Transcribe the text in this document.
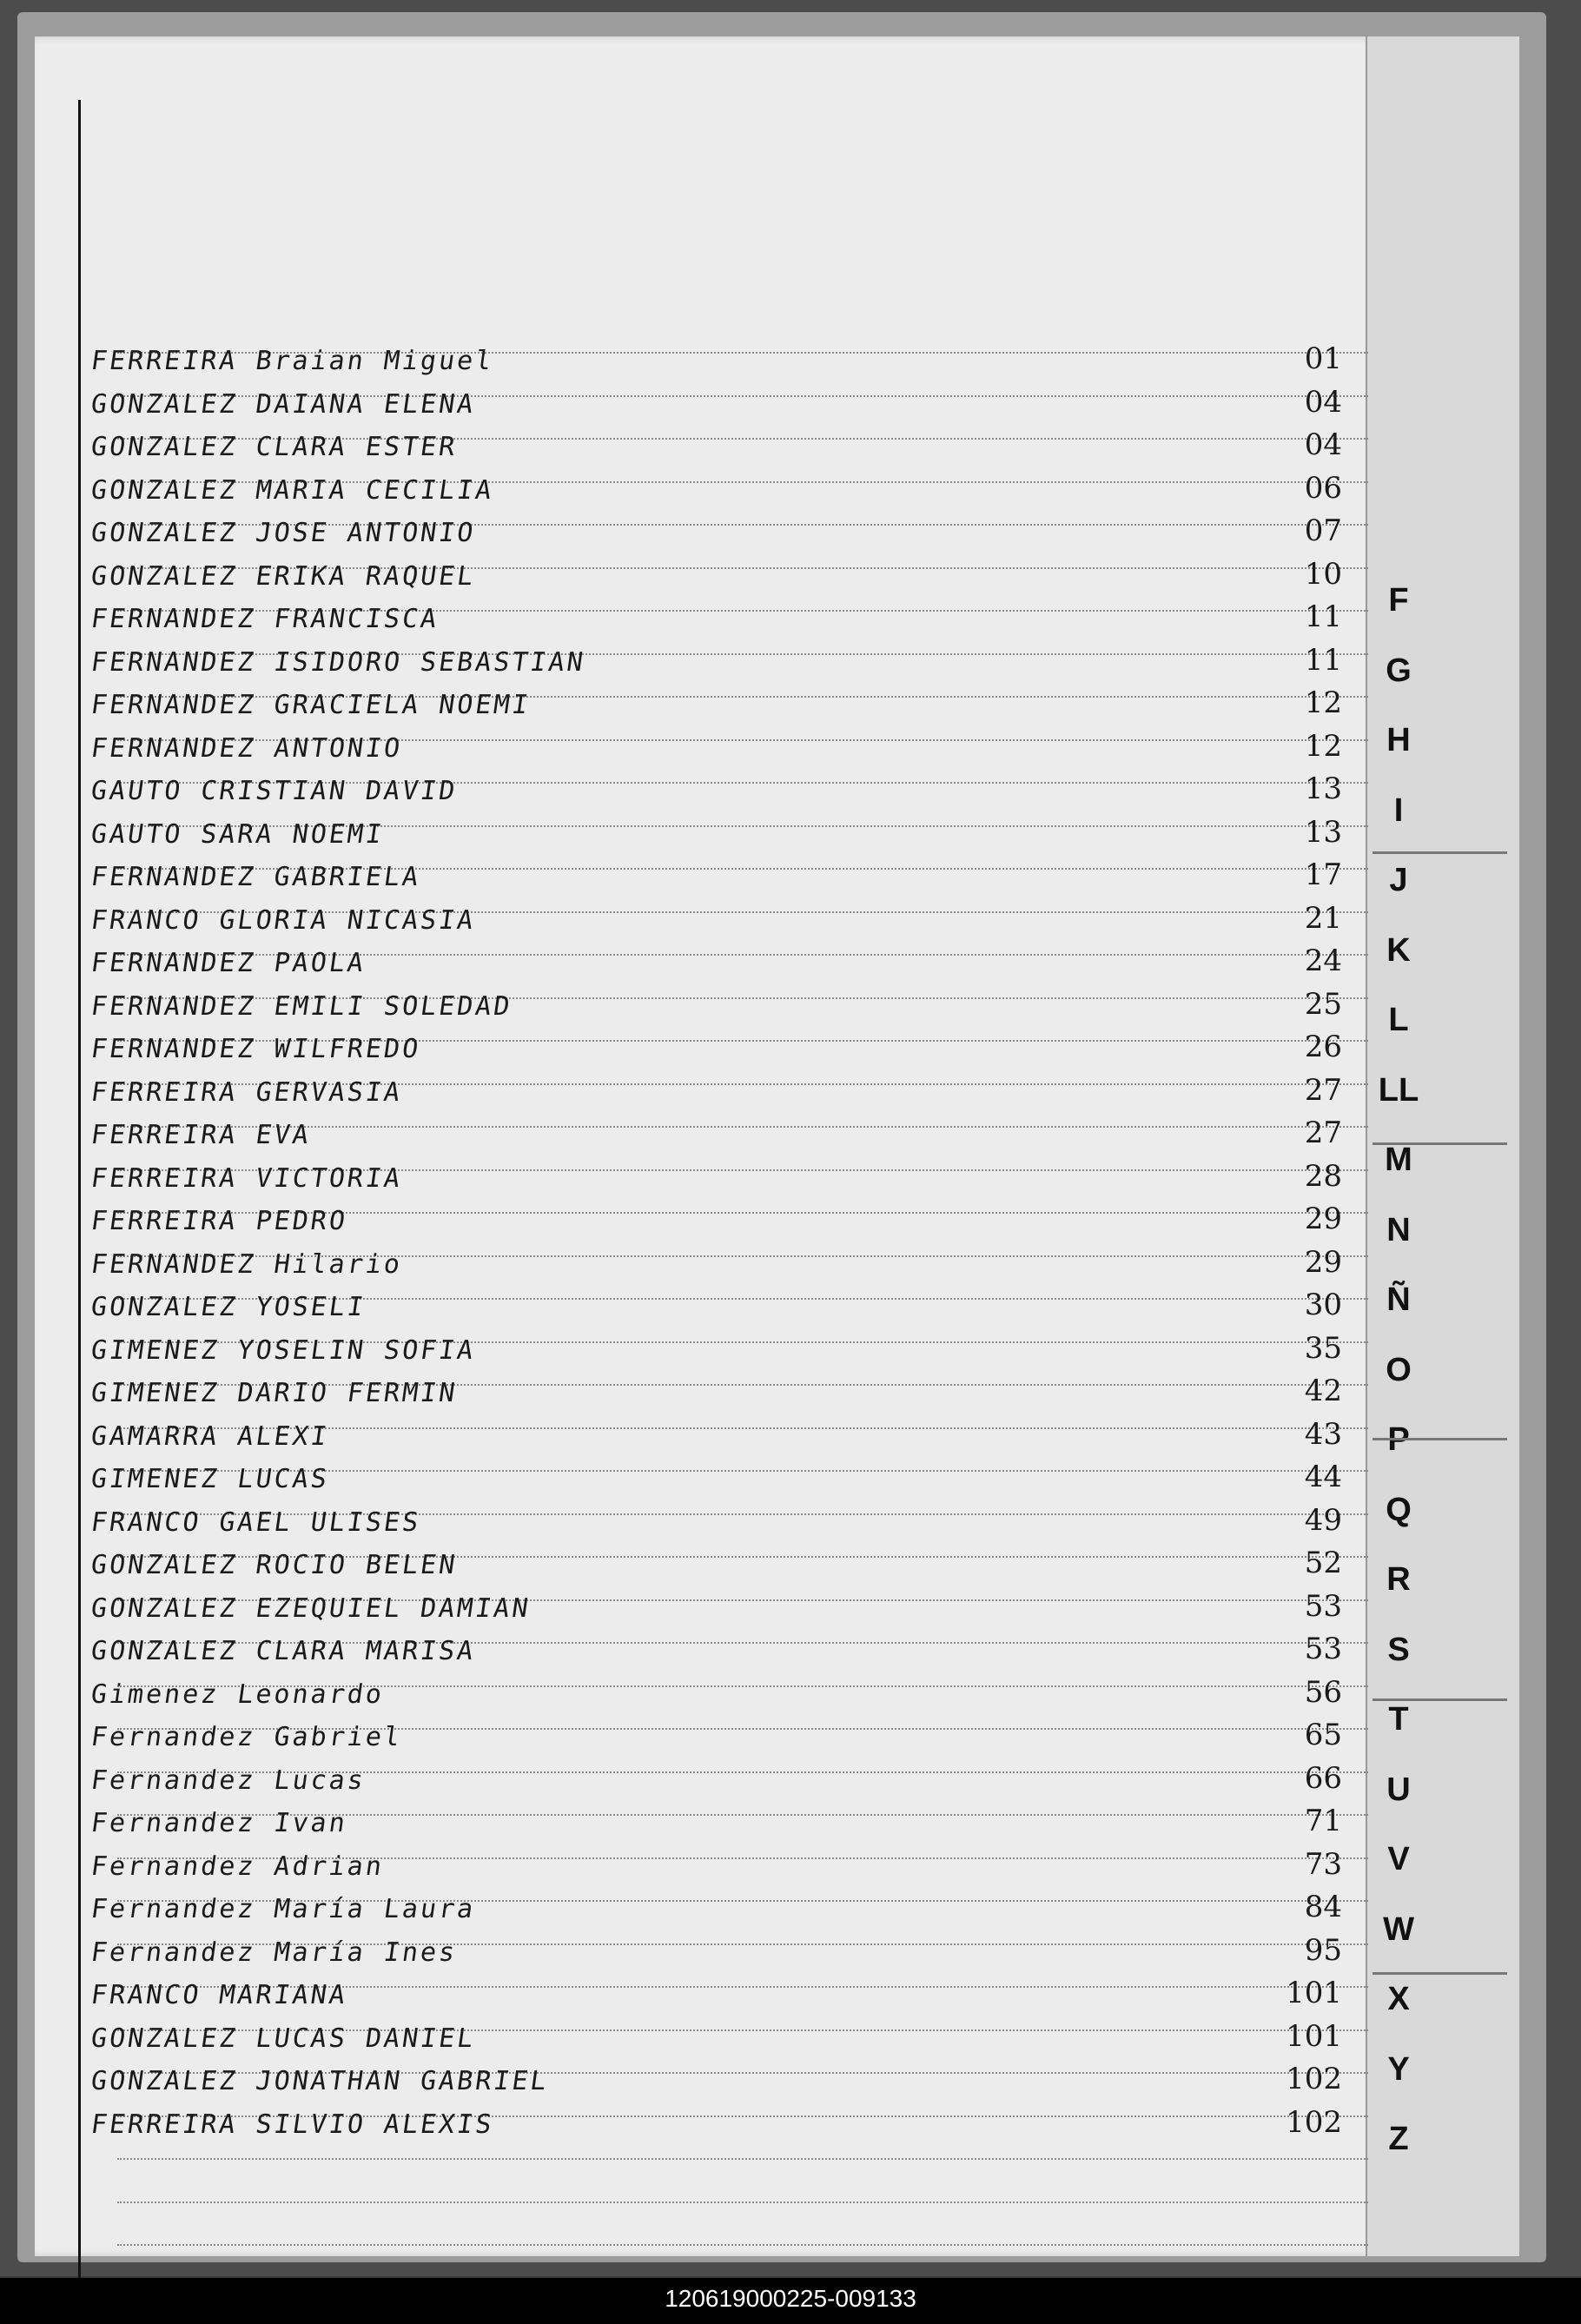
FERREIRA Braian Miguel	01
GONZALEZ DAIANA ELENA	04
GONZALEZ CLARA ESTER	04
GONZALEZ MARIA CECILIA	06
GONZALEZ JOSE ANTONIO	07
GONZALEZ ERIKA RAQUEL	10
FERNANDEZ FRANCISCA	11
FERNANDEZ ISIDORO SEBASTIAN	11
FERNANDEZ GRACIELA NOEMI	12
FERNANDEZ ANTONIO	12
GAUTO CRISTIAN DAVID	13
GAUTO SARA NOEMI	13
FERNANDEZ GABRIELA	17
FRANCO GLORIA NICASIA	21
FERNANDEZ PAOLA	24
FERNANDEZ EMILI SOLEDAD	25
FERNANDEZ WILFREDO	26
FERREIRA GERVASIA	27
FERREIRA EVA	27
FERREIRA VICTORIA	28
FERREIRA PEDRO	29
FERNANDEZ Hilario	29
GONZALEZ YOSELI	30
GIMENEZ YOSELIN SOFIA	35
GIMENEZ DARIO FERMIN	42
GAMARRA ALEXI	43
GIMENEZ LUCAS	44
FRANCO GAEL ULISES	49
GONZALEZ ROCIO BELEN	52
GONZALEZ EZEQUIEL DAMIAN	53
GONZALEZ CLARA MARISA	53
Gimenez Leonardo	56
Fernandez Gabriel	65
Fernandez Lucas	66
Fernandez Ivan	71
Fernandez Adrian	73
Fernandez María Laura	84
Fernandez María Ines	95
FRANCO MARIANA	101
GONZALEZ LUCAS DANIEL	101
GONZALEZ JONATHAN GABRIEL	102
FERREIRA SILVIO ALEXIS	102
F
G
H
I
J
K
L
LL
M
N
Ñ
O
P
Q
R
S
T
U
V
W
X
Y
Z
120619000225-009133
